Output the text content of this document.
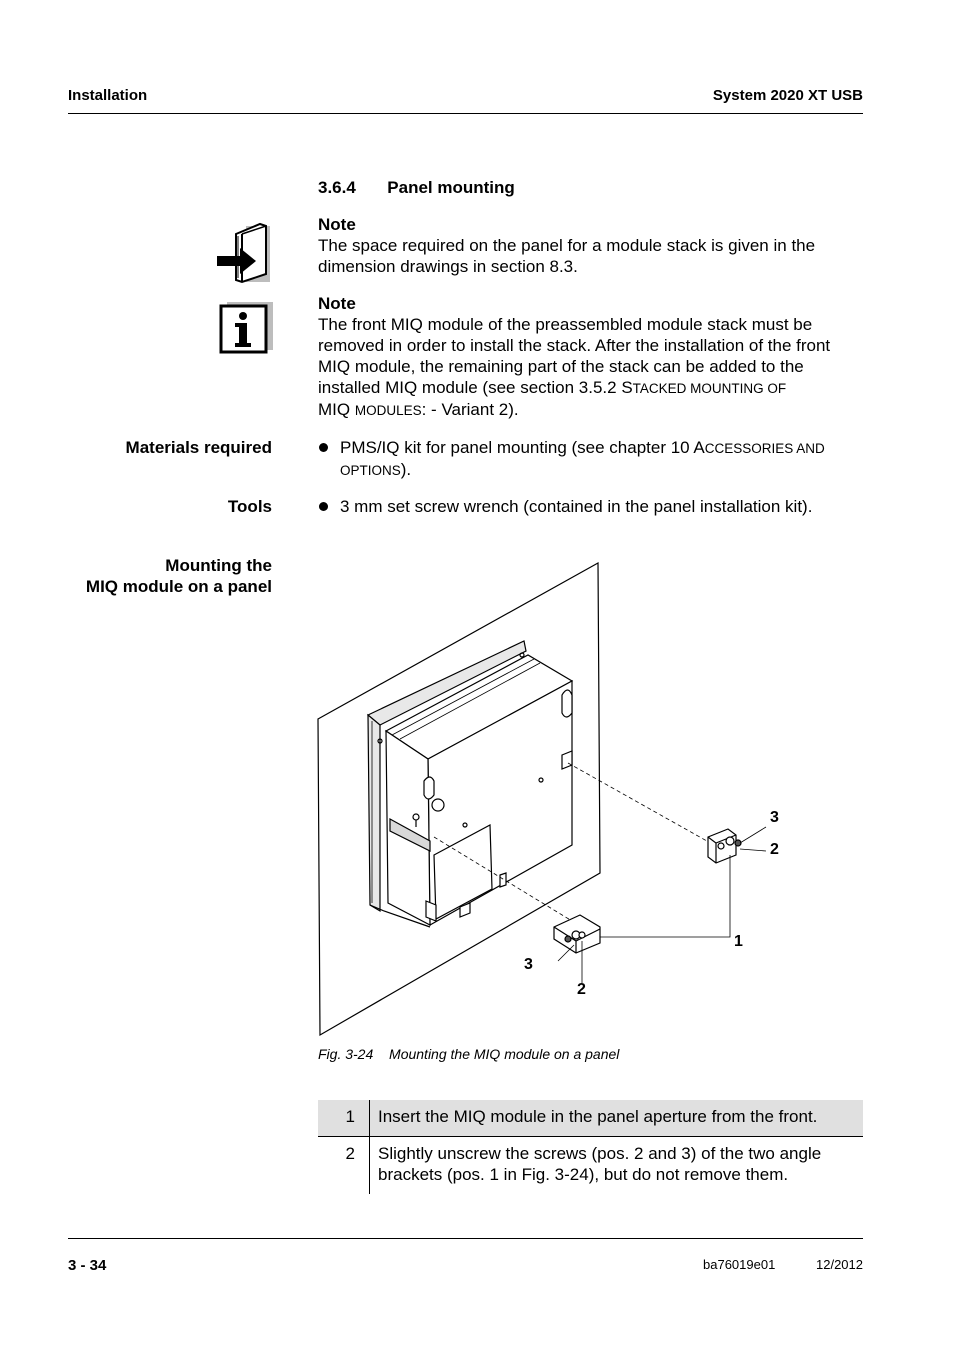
Installation	System 2020 XT USB
3.6.4 Panel mounting
Note
The space required on the panel for a module stack is given in the dimension drawings in section 8.3.
Note
The front MIQ module of the preassembled module stack must be
removed in order to install the stack. After the installation of the front
MIQ module, the remaining part of the stack can be added to the
installed MIQ module (see section 3.5.2 STACKED MOUNTING OF
MIQ MODULES: - Variant 2).
Materials required	PMS/IQ kit for panel mounting (see chapter 10 ACCESSORIES AND
OPTIONS).
Tools	3 mm set screw wrench (contained in the panel installation kit).
Mounting the
MIQ module on a panel
3
2
1
3
2
Fig. 3-24 Mounting the MIQ module on a panel
1	Insert the MIQ module in the panel aperture from the front.
2	Slightly unscrew the screws (pos. 2 and 3) of the two angle brackets (pos. 1 in Fig. 3-24), but do not remove them.
3 - 34	ba76019e01	12/2012
